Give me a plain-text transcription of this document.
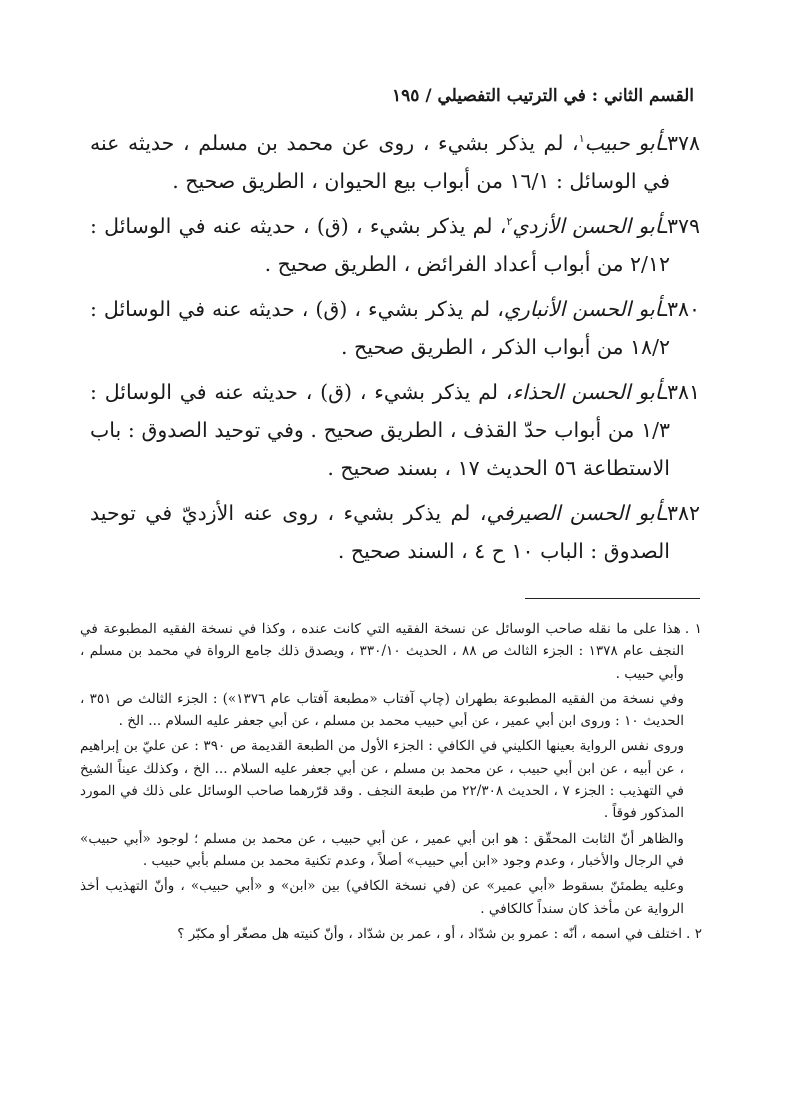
القسم الثاني : في الترتيب التفصيلي / ١٩٥

٣٧٨ـأبو حبيب$^١$، لم يذكر بشيء ، روى عن محمد بن مسلم ، حديثه عنه في الوسائل : ١٦/١ من أبواب بيع الحيوان ، الطريق صحيح .

٣٧٩ـأبو الحسن الأزدي$^٢$، لم يذكر بشيء ، (ق) ، حديثه عنه في الوسائل : ٢/١٢ من أبواب أعداد الفرائض ، الطريق صحيح .

٣٨٠ـأبو الحسن الأنباري، لم يذكر بشيء ، (ق) ، حديثه عنه في الوسائل : ١٨/٢ من أبواب الذكر ، الطريق صحيح .

٣٨١ـأبو الحسن الحذاء، لم يذكر بشيء ، (ق) ، حديثه عنه في الوسائل : ١/٣ من أبواب حدّ القذف ، الطريق صحيح . وفي توحيد الصدوق : باب الاستطاعة ٥٦ الحديث ١٧ ، بسند صحيح .

٣٨٢ـأبو الحسن الصيرفي، لم يذكر بشيء ، روى عنه الأزديّ في توحيد الصدوق : الباب ١٠ ح ٤ ، السند صحيح .

١ .هذا على ما نقله صاحب الوسائل عن نسخة الفقيه التي كانت عنده ، وكذا في نسخة الفقيه المطبوعة في النجف عام ١٣٧٨ : الجزء الثالث ص ٨٨ ، الحديث ٣٣٠/١٠ ، ويصدق ذلك جامع الرواة في محمد بن مسلم ، وأبي حبيب .

وفي نسخة من الفقيه المطبوعة بطهران (چاپ آفتاب «مطبعة آفتاب عام ١٣٧٦») : الجزء الثالث ص ٣٥١ ، الحديث ١٠ : وروى ابن أبي عمير ، عن أبي حبيب محمد بن مسلم ، عن أبي جعفر عليه السلام ... الخ .

وروى نفس الرواية بعينها الكليني في الكافي : الجزء الأول من الطبعة القديمة ص ٣٩٠ : عن عليّ بن إبراهيم ، عن أبيه ، عن ابن أبي حبيب ، عن محمد بن مسلم ، عن أبي جعفر عليه السلام ... الخ ، وكذلك عيناً الشيخ في التهذيب : الجزء ٧ ، الحديث ٢٢/٣٠٨ من طبعة النجف . وقد قرّرهما صاحب الوسائل على ذلك في المورد المذكور فوقاً .

والظاهر أنّ الثابت المحقّق : هو ابن أبي عمير ، عن أبي حبيب ، عن محمد بن مسلم ؛ لوجود «أبي حبيب» في الرجال والأخبار ، وعدم وجود «ابن أبي حبيب» أصلاً ، وعدم تكنية محمد بن مسلم بأبي حبيب .

وعليه يطمئنّ بسقوط «أبي عمير» عن (في نسخة الكافي) بين «ابن» و «أبي حبيب» ، وأنّ التهذيب أخذ الرواية عن مأخذ كان سنداً كالكافي .

٢ .اختلف في اسمه ، أنّه : عمرو بن شدّاد ، أو ، عمر بن شدّاد ، وأنّ كنيته هل مصغّر أو مكبّر ؟
